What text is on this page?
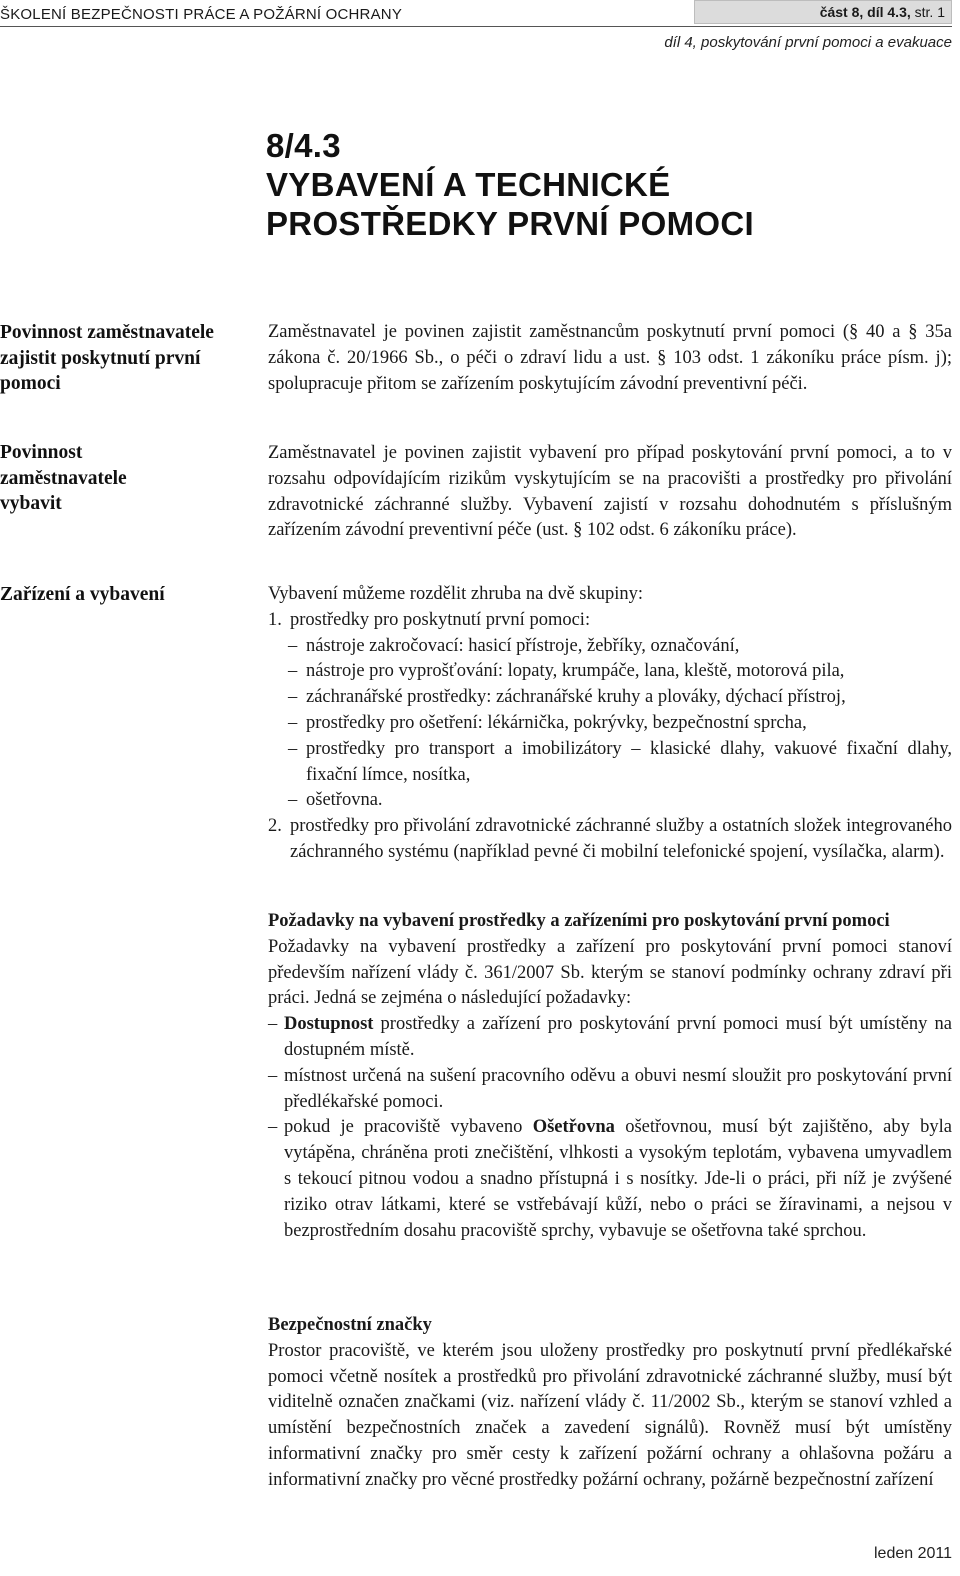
ŠKOLENÍ BEZPEČNOSTI PRÁCE A POŽÁRNÍ OCHRANY	část 8, díl 4.3, str. 1
díl 4, poskytování první pomoci a evakuace
8/4.3
VYBAVENÍ A TECHNICKÉ
PROSTŘEDKY PRVNÍ POMOCI
Povinnost zaměstnavatele zajistit poskytnutí první pomoci
Povinnost zaměstnavatele vybavit
Zařízení a vybavení

Zaměstnavatel je povinen zajistit zaměstnancům poskytnutí první pomoci (§ 40 a § 35a zákona č. 20/1966 Sb., o péči o zdraví lidu a ust. § 103 odst. 1 zákoníku práce písm. j); spolupracuje přitom se zařízením poskytujícím závodní preventivní péči.

Zaměstnavatel je povinen zajistit vybavení pro případ poskytování první pomoci, a to v rozsahu odpovídajícím rizikům vyskytujícím se na pracovišti a prostředky pro přivolání zdravotnické záchranné služby. Vybavení zajistí v rozsahu dohodnutém s příslušným zařízením závodní preventivní péče (ust. § 102 odst. 6 zákoníku práce).

Vybavení můžeme rozdělit zhruba na dvě skupiny:

1. prostředky pro poskytnutí první pomoci:
– nástroje zakročovací: hasicí přístroje, žebříky, označování,
– nástroje pro vyprošťování: lopaty, krumpáče, lana, kleště, motorová pila,
– záchranářské prostředky: záchranářské kruhy a plováky, dýchací přístroj,
– prostředky pro ošetření: lékárnička, pokrývky, bezpečnostní sprcha,
– prostředky pro transport a imobilizátory – klasické dlahy, vakuové fixační dlahy, fixační límce, nosítka,
– ošetřovna.
2. prostředky pro přivolání zdravotnické záchranné služby a ostatních složek integrovaného záchranného systému (například pevné či mobilní telefonické spojení, vysílačka, alarm).

Požadavky na vybavení prostředky a zařízeními pro poskytování první pomoci

Požadavky na vybavení prostředky a zařízení pro poskytování první pomoci stanoví především nařízení vlády č. 361/2007 Sb. kterým se stanoví podmínky ochrany zdraví při práci. Jedná se zejména o následující požadavky:

– Dostupnost prostředky a zařízení pro poskytování první pomoci musí být umístěny na dostupném místě.
– místnost určená na sušení pracovního oděvu a obuvi nesmí sloužit pro poskytování první předlékařské pomoci.
– pokud je pracoviště vybaveno Ošetřovna ošetřovnou, musí být zajištěno, aby byla vytápěna, chráněna proti znečištění, vlhkosti a vysokým teplotám, vybavena umyvadlem s tekoucí pitnou vodou a snadno přístupná i s nosítky. Jde-li o práci, při níž je zvýšené riziko otrav látkami, které se vstřebávají kůží, nebo o práci se žíravinami, a nejsou v bezprostředním dosahu pracoviště sprchy, vybavuje se ošetřovna také sprchou.

Bezpečnostní značky

Prostor pracoviště, ve kterém jsou uloženy prostředky pro poskytnutí první předlékařské pomoci včetně nosítek a prostředků pro přivolání zdravotnické záchranné služby, musí být viditelně označen značkami (viz. nařízení vlády č. 11/2002 Sb., kterým se stanoví vzhled a umístění bezpečnostních značek a zavedení signálů). Rovněž musí být umístěny informativní značky pro směr cesty k zařízení požární ochrany a ohlašovna požáru a informativní značky pro věcné prostředky požární ochrany, požárně bezpečnostní zařízení

leden 2011
